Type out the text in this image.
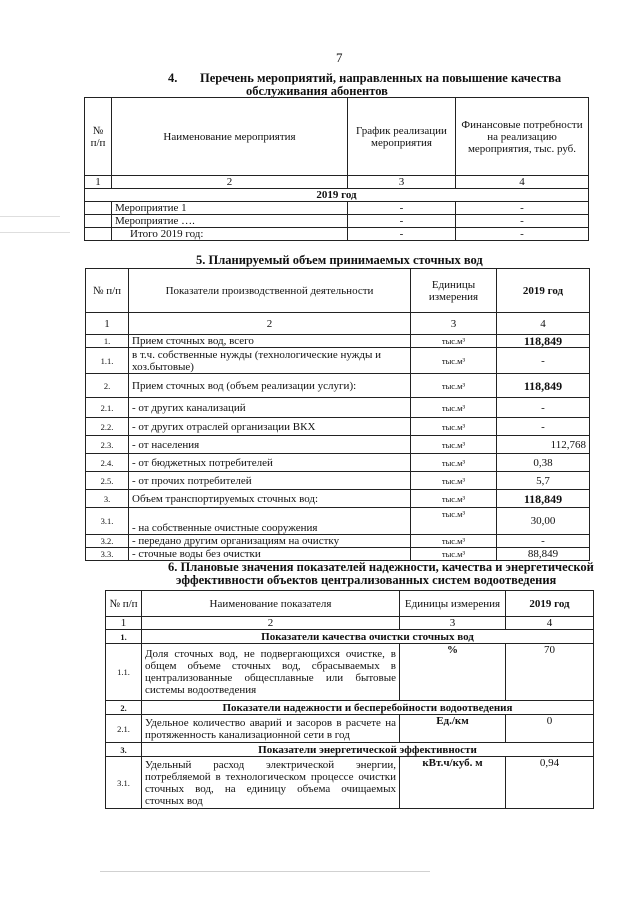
7
4. Перечень мероприятий, направленных на повышение качества
обслуживания абонентов
№ п/п	Наименование мероприятия	График реализации мероприятия	Финансовые потребности на реализацию мероприятия, тыс. руб.
1	2	3	4
2019 год			
	Мероприятие 1	-	-
	Мероприятие ….	-	-
	Итого 2019 год:	-	-
5. Планируемый объем принимаемых сточных вод
№ п/п	Показатели производственной деятельности	Единицы измерения	2019 год
1	2	3	4
1.	Прием сточных вод, всего	тыс.м³	118,849
1.1.	в т.ч. собственные нужды (технологические нужды и хоз.бытовые)	тыс.м³	-
2.	Прием сточных вод (объем реализации услуги):	тыс.м³	118,849
2.1.	- от других канализаций	тыс.м³	-
2.2.	- от других отраслей организации ВКХ	тыс.м³	-
2.3.	- от населения	тыс.м³	112,768
2.4.	- от бюджетных потребителей	тыс.м³	0,38
2.5.	- от прочих потребителей	тыс.м³	5,7
3.	Объем транспортируемых сточных вод:	тыс.м³	118,849
3.1.	- на собственные очистные сооружения	тыс.м³	30,00
3.2.	- передано другим организациям на очистку	тыс.м³	-
3.3.	- сточные воды без очистки	тыс.м³	88,849
6. Плановые значения показателей надежности, качества и энергетической
эффективности объектов централизованных систем водоотведения
№ п/п	Наименование показателя	Единицы измерения	2019 год
1	2	3	4
1.	Показатели качества очистки сточных вод		
1.1.	Доля сточных вод, не подвергающихся очистке, в общем объеме сточных вод, сбрасываемых в централизованные общесплавные или бытовые системы водоотведения	%	70
2.	Показатели надежности и бесперебойности водоотведения		
2.1.	Удельное количество аварий и засоров в расчете на протяженность канализационной сети в год	Ед./км	0
3.	Показатели энергетической эффективности		
3.1.	Удельный расход электрической энергии, потребляемой в технологическом процессе очистки сточных вод, на единицу объема очищаемых сточных вод	кВт.ч/куб. м	0,94
